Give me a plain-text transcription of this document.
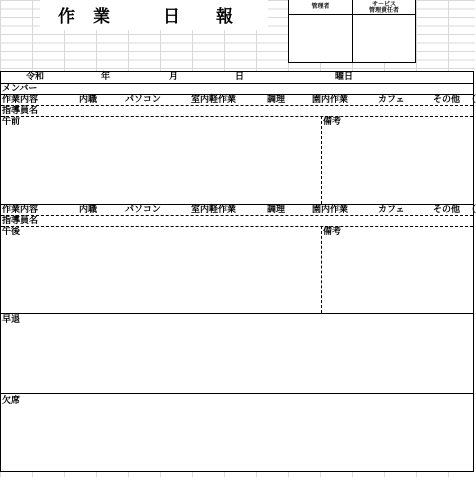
作 業	日 報
管理者	サ－ビス
管理責任者
令和	年	月	日	曜日
メンバー
作業内容	内職	パソコン	室内軽作業	調理	園内作業	カフェ	その他 （
指導員名
午前	備考
作業内容	内職	パソコン	室内軽作業	調理	園内作業	カフェ	その他 （
指導員名
午後	備考
早退
欠席
